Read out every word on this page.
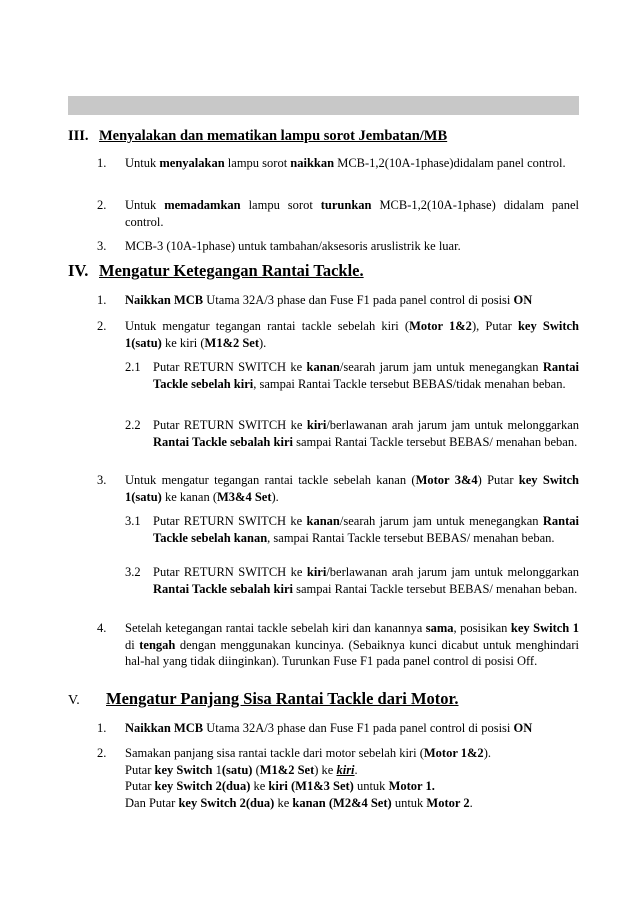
III. Menyalakan dan mematikan lampu sorot Jembatan/MB
1. Untuk menyalakan lampu sorot naikkan MCB-1,2(10A-1phase)didalam panel control.
2. Untuk memadamkan lampu sorot turunkan MCB-1,2(10A-1phase) didalam panel control.
3. MCB-3 (10A-1phase) untuk tambahan/aksesoris aruslistrik ke luar.
IV. Mengatur Ketegangan Rantai Tackle.
1. Naikkan MCB Utama 32A/3 phase dan Fuse F1 pada panel control di posisi ON
2. Untuk mengatur tegangan rantai tackle sebelah kiri (Motor 1&2), Putar key Switch 1(satu) ke kiri (M1&2 Set).
2.1 Putar RETURN SWITCH ke kanan/searah jarum jam untuk menegangkan Rantai Tackle sebelah kiri, sampai Rantai Tackle tersebut BEBAS/tidak menahan beban.
2.2 Putar RETURN SWITCH ke kiri/berlawanan arah jarum jam untuk melonggarkan Rantai Tackle sebalah kiri sampai Rantai Tackle tersebut BEBAS/ menahan beban.
3. Untuk mengatur tegangan rantai tackle sebelah kanan (Motor 3&4) Putar key Switch 1(satu) ke kanan (M3&4 Set).
3.1 Putar RETURN SWITCH ke kanan/searah jarum jam untuk menegangkan Rantai Tackle sebelah kanan, sampai Rantai Tackle tersebut BEBAS/ menahan beban.
3.2 Putar RETURN SWITCH ke kiri/berlawanan arah jarum jam untuk melonggarkan Rantai Tackle sebalah kiri sampai Rantai Tackle tersebut BEBAS/ menahan beban.
4. Setelah ketegangan rantai tackle sebelah kiri dan kanannya sama, posisikan key Switch 1 di tengah dengan menggunakan kuncinya. (Sebaiknya kunci dicabut untuk menghindari hal-hal yang tidak diinginkan). Turunkan Fuse F1 pada panel control di posisi Off.
V. Mengatur Panjang Sisa Rantai Tackle dari Motor.
1. Naikkan MCB Utama 32A/3 phase dan Fuse F1 pada panel control di posisi ON
2. Samakan panjang sisa rantai tackle dari motor sebelah kiri (Motor 1&2).
Putar key Switch 1(satu) (M1&2 Set) ke kiri.
Putar key Switch 2(dua) ke kiri (M1&3 Set) untuk Motor 1.
Dan Putar key Switch 2(dua) ke kanan (M2&4 Set) untuk Motor 2.
